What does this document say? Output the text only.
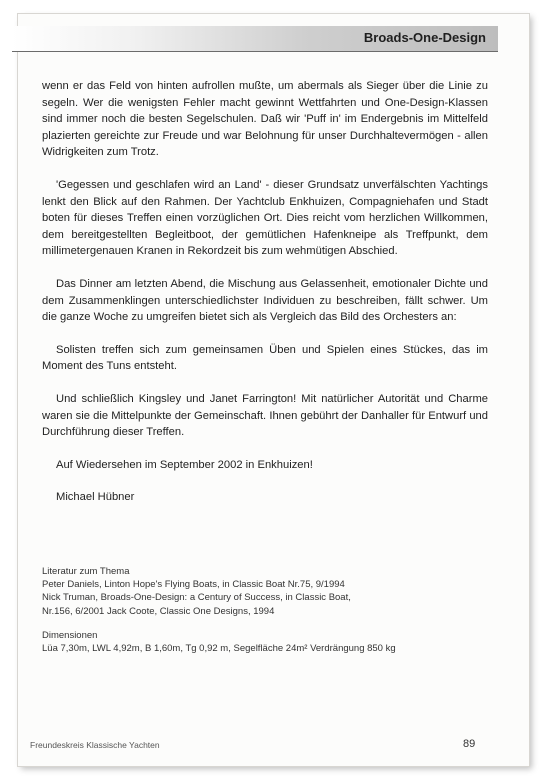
Broads-One-Design

wenn er das Feld von hinten aufrollen mußte, um abermals als Sieger über die Linie zu segeln. Wer die wenigsten Fehler macht gewinnt Wettfahrten und One-Design-Klassen sind immer noch die besten Segelschulen. Daß wir 'Puff in' im Endergebnis im Mittelfeld plazierten gereichte zur Freude und war Belohnung für unser Durchhaltevermögen - allen Widrigkeiten zum Trotz.

'Gegessen und geschlafen wird an Land' - dieser Grundsatz unverfälschten Yachtings lenkt den Blick auf den Rahmen. Der Yachtclub Enkhuizen, Compagniehafen und Stadt boten für dieses Treffen einen vorzüglichen Ort. Dies reicht vom herzlichen Willkommen, dem bereitgestellten Begleitboot, der gemütlichen Hafenkneipe als Treffpunkt, dem millimetergenauen Kranen in Rekordzeit bis zum wehmütigen Abschied.

Das Dinner am letzten Abend, die Mischung aus Gelassenheit, emotionaler Dichte und dem Zusammenklingen unterschiedlichster Individuen zu beschreiben, fällt schwer. Um die ganze Woche zu umgreifen bietet sich als Vergleich das Bild des Orchesters an:

Solisten treffen sich zum gemeinsamen Üben und Spielen eines Stückes, das im Moment des Tuns entsteht.

Und schließlich Kingsley und Janet Farrington! Mit natürlicher Autorität und Charme waren sie die Mittelpunkte der Gemeinschaft. Ihnen gebührt der Danhaller für Entwurf und Durchführung dieser Treffen.

Auf Wiedersehen im September 2002 in Enkhuizen!

Michael Hübner

Literatur zum Thema
Peter Daniels, Linton Hope's Flying Boats, in Classic Boat Nr.75, 9/1994
Nick Truman, Broads-One-Design: a Century of Success, in Classic Boat,
Nr.156, 6/2001 Jack Coote, Classic One Designs, 1994
Dimensionen
Lüa 7,30m, LWL 4,92m, B 1,60m, Tg 0,92 m, Segelfläche 24m² Verdrängung 850 kg
Freundeskreis Klassische Yachten	89
